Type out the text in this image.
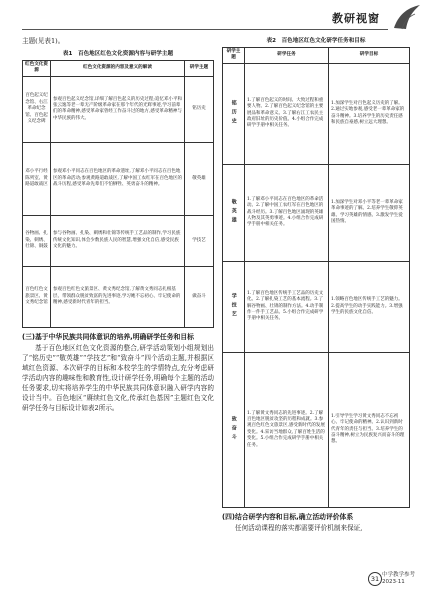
教研视窗

主题(见表1)。

表1　百色地区红色文化资源内容与研学主题
红色文化资源	红色文化资源的内容及意义的解读	研学主题
百色起义纪念馆、右江革命纪念馆、百色起义纪念碑	参观百色起义纪念馆,详细了解百色起义的历史过程;追忆邓小平和张云逸等老一辈无产阶级革命家在那个年代的光辉事迹,学习前辈们的革命精神,感受革命家曾经工作奋斗过的地方,感受革命精神与中华民族的伟大。	铭历史
邓小平行经陈列室、黄路道敢战区	参观邓小平同志在百色地区的革命遗址,了解邓小平同志在百色地区的革命活动;参观黄路道敢战区,了解中国工农红军在百色地区的战斗历程,感受革命先辈们不怕牺牲、英勇奋斗的精神。	敬英雄
谷物画、扎染、刺绣、壮锦、铜鼓	参与谷物画、扎染、刺绣和壮锦等传统手工艺品的制作,学习民族传统文化知识,体会少数民族人民的智慧,增强文化自信,感受民族文化的魅力。	学技艺
百色红色文旅景区、黄文秀纪念馆	参观百色红色文旅景区、黄文秀纪念馆,了解黄文秀同志扎根基层、带领群众脱贫致富的先进事迹,学习她不忘初心、牢记使命的精神,感受新时代青年的担当。	做奋斗
(三)基于中华民族共同体意识的培养,明确研学任务和目标

基于百色地区红色文化资源的整合,研学活动策划小组规划出了“铭历史”“敬英雄”“学技艺”和“致奋斗”四个活动主题,并根据区域红色资源、本次研学的目标和本校学生的学情特点,充分考虑研学活动内容的趣味性和教育性,设计研学任务,明确每个主题的活动任务要求,切实将培养学生的中华民族共同体意识融入研学内容的设计当中。百色地区“赓续红色文化,传承红色基因”主题红色文化研学任务与目标设计如表2所示。

表2　百色地区红色文化研学任务和目标
研学主题	研学任务	研学目标
铭历史	1.了解百色起义的时间、大致过程和重要人物。2.了解百色起义纪念馆的主要展品和革命意义。3.了解右江工农民主政府旧址的历史价值。4.小组合作完成研学手册中相关任务。	1.加深学生对百色起义历史的了解。2.通过实地参观,感受老一辈革命家的奋斗精神。3.培养学生的历史责任感和民族自豪感,树立远大理想。
敬英雄	1.了解邓小平同志在百色地区的革命活动。2.了解中国工农红军在百色地区的战斗经历。3.了解百色地区涌现的英雄人物及其英勇事迹。4.小组合作完成研学手册中相关任务。	1.加深学生对邓小平等老一辈革命家革命事迹的了解。2.培养学生敬仰英雄、学习英雄的情感。3.激发学生爱国热情。
学技艺	1.了解百色地区传统手工艺品的历史文化。2.了解扎染工艺的基本流程。3.了解谷物画、壮锦的制作方法。4.动手制作一件手工艺品。5.小组合作完成研学手册中相关任务。	1.领略百色地区传统手工艺的魅力。2.提高学生的动手实践能力。3.增强学生的民族文化自信。
致奋斗	1.了解黄文秀同志的先进事迹。2.了解百色地区脱贫攻坚的历程和成就。3.参观百色红色文旅景区,感受新时代的发展变化。4.采访当地群众,了解百姓生活的变化。5.小组合作完成研学手册中相关任务。	1.引导学生学习黄文秀同志不忘初心、牢记使命的精神。2.认识到新时代青年的责任与担当。3.培养学生的奋斗精神,树立为民族复兴而奋斗的理想。
(四)结合研学内容和目标,确立活动评价体系

任何活动课程的落实都需要评价机制来保证,

31 中学教学参考
2023·11
